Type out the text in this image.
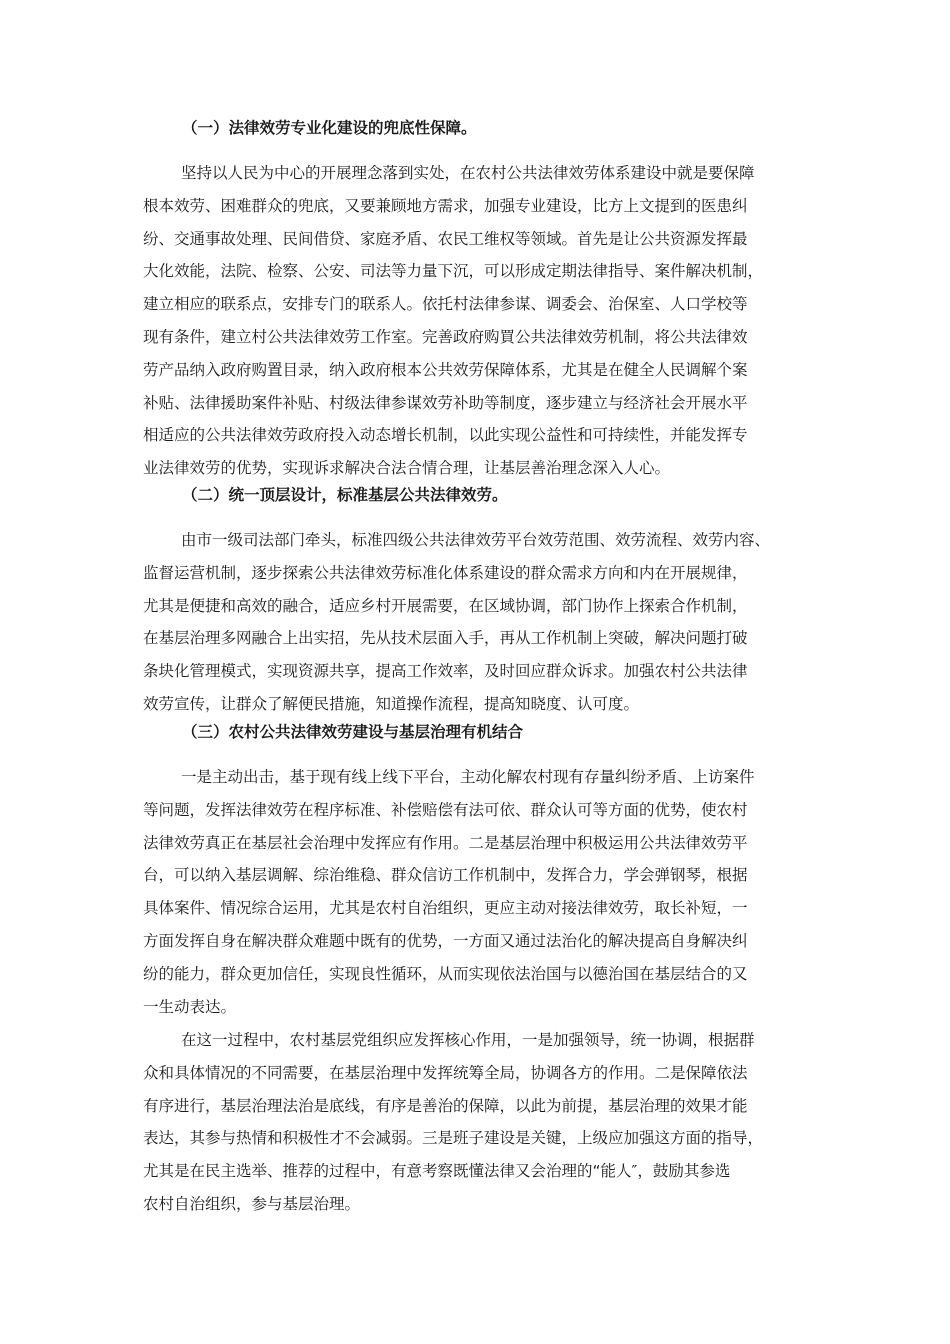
（一）法律效劳专业化建设的兜底性保障。
坚持以人民为中心的开展理念落到实处，在农村公共法律效劳体系建设中就是要保障
根本效劳、困难群众的兜底，又要兼顾地方需求，加强专业建设，比方上文提到的医患纠
纷、交通事故处理、民间借贷、家庭矛盾、农民工维权等领域。首先是让公共资源发挥最
大化效能，法院、检察、公安、司法等力量下沉，可以形成定期法律指导、案件解决机制，
建立相应的联系点，安排专门的联系人。依托村法律参谋、调委会、治保室、人口学校等
现有条件，建立村公共法律效劳工作室。完善政府购買公共法律效劳机制，将公共法律效
劳产品纳入政府购置目录，纳入政府根本公共效劳保障体系，尤其是在健全人民调解个案
补贴、法律援助案件补贴、村级法律参谋效劳补助等制度，逐步建立与经济社会开展水平
相适应的公共法律效劳政府投入动态增长机制，以此实现公益性和可持续性，并能发挥专
业法律效劳的优势，实现诉求解决合法合情合理，让基层善治理念深入人心。
（二）统一顶层设计，标准基层公共法律效劳。
由市一级司法部门牵头，标准四级公共法律效劳平台效劳范围、效劳流程、效劳内容、
监督运营机制，逐步探索公共法律效劳标准化体系建设的群众需求方向和内在开展规律，
尤其是便捷和高效的融合，适应乡村开展需要，在区域协调，部门协作上探索合作机制，
在基层治理多网融合上出实招，先从技术层面入手，再从工作机制上突破，解决问题打破
条块化管理模式，实现资源共享，提高工作效率，及时回应群众诉求。加强农村公共法律
效劳宣传，让群众了解便民措施，知道操作流程，提高知晓度、认可度。
（三）农村公共法律效劳建设与基层治理有机结合
一是主动出击，基于现有线上线下平台，主动化解农村现有存量纠纷矛盾、上访案件
等问题，发挥法律效劳在程序标准、补偿赔偿有法可依、群众认可等方面的优势，使农村
法律效劳真正在基层社会治理中发挥应有作用。二是基层治理中积极运用公共法律效劳平
台，可以纳入基层调解、综治维稳、群众信访工作机制中，发挥合力，学会弹钢琴，根据
具体案件、情况综合运用，尤其是农村自治组织，更应主动对接法律效劳，取长补短，一
方面发挥自身在解决群众难题中既有的优势，一方面又通过法治化的解决提高自身解决纠
纷的能力，群众更加信任，实现良性循环，从而实现依法治国与以德治国在基层结合的又
一生动表达。
在这一过程中，农村基层党组织应发挥核心作用，一是加强领导，统一协调，根据群
众和具体情况的不同需要，在基层治理中发挥统筹全局，协调各方的作用。二是保障依法
有序进行，基层治理法治是底线，有序是善治的保障，以此为前提，基层治理的效果才能
表达，其参与热情和积极性才不会减弱。三是班子建设是关键，上级应加强这方面的指导，
尤其是在民主选举、推荐的过程中，有意考察既懂法律又会治理的“能人″，鼓励其参选
农村自治组织，参与基层治理。
